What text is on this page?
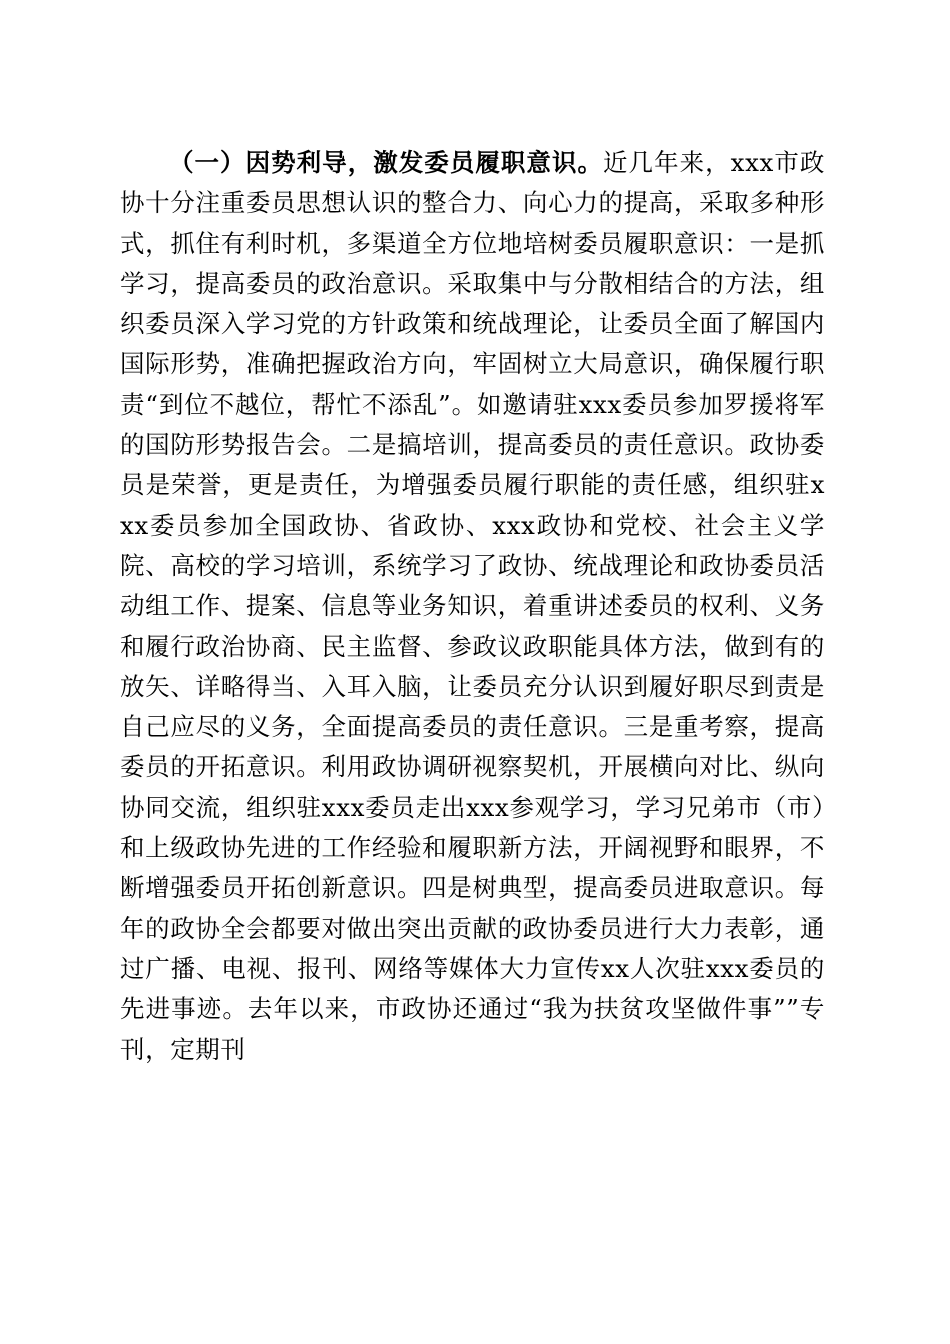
（一）因势利导，激发委员履职意识。近几年来，xxx市政协十分注重委员思想认识的整合力、向心力的提高，采取多种形式，抓住有利时机，多渠道全方位地培树委员履职意识：一是抓学习，提高委员的政治意识。采取集中与分散相结合的方法，组织委员深入学习党的方针政策和统战理论，让委员全面了解国内国际形势，准确把握政治方向，牢固树立大局意识，确保履行职责“到位不越位，帮忙不添乱”。如邀请驻xxx委员参加罗援将军的国防形势报告会。二是搞培训，提高委员的责任意识。政协委员是荣誉，更是责任，为增强委员履行职能的责任感，组织驻xxx委员参加全国政协、省政协、xxx政协和党校、社会主义学院、高校的学习培训，系统学习了政协、统战理论和政协委员活动组工作、提案、信息等业务知识，着重讲述委员的权利、义务和履行政治协商、民主监督、参政议政职能具体方法，做到有的放矢、详略得当、入耳入脑，让委员充分认识到履好职尽到责是自己应尽的义务，全面提高委员的责任意识。三是重考察，提高委员的开拓意识。利用政协调研视察契机，开展横向对比、纵向协同交流，组织驻xxx委员走出xxx参观学习，学习兄弟市（市）和上级政协先进的工作经验和履职新方法，开阔视野和眼界，不断增强委员开拓创新意识。四是树典型，提高委员进取意识。每年的政协全会都要对做出突出贡献的政协委员进行大力表彰，通过广播、电视、报刊、网络等媒体大力宣传xx人次驻xxx委员的先进事迹。去年以来，市政协还通过“我为扶贫攻坚做件事””专刊，定期刊
